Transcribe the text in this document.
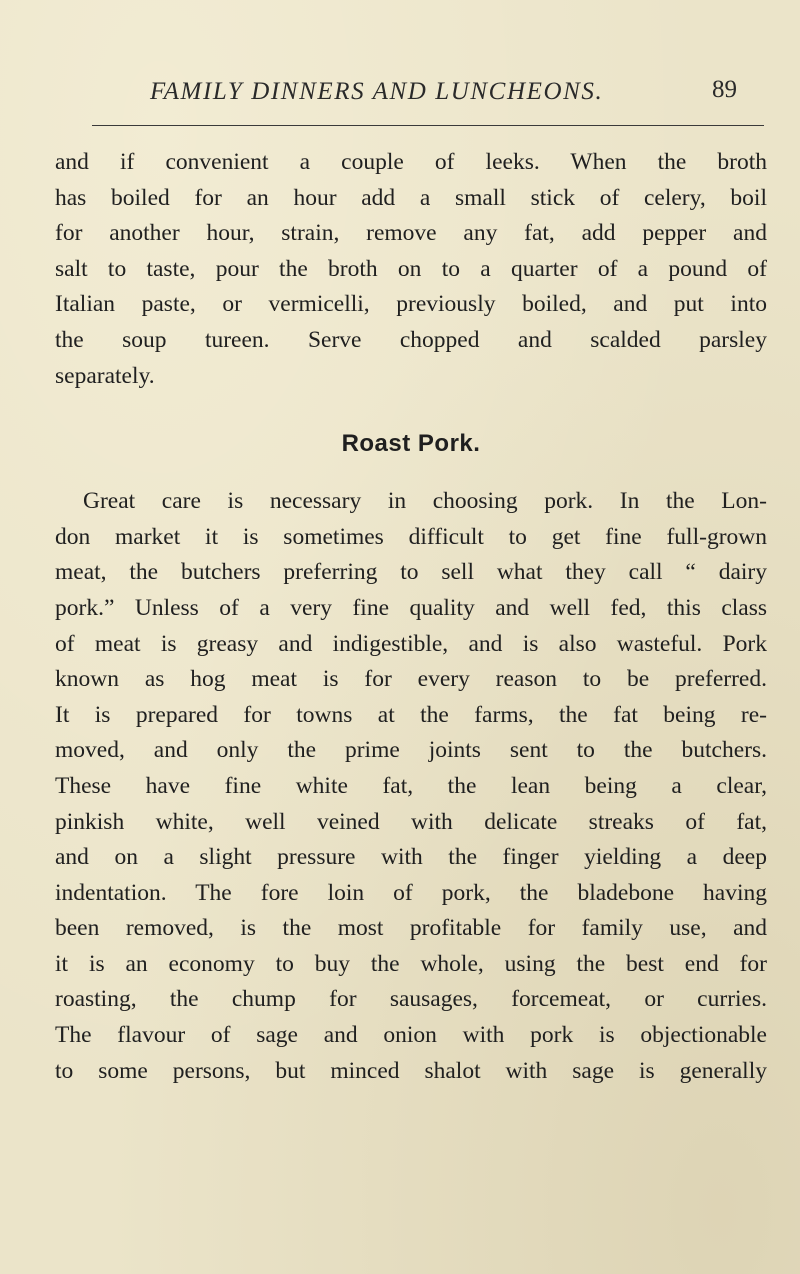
FAMILY DINNERS AND LUNCHEONS.	89
and if convenient a couple of leeks. When the broth
has boiled for an hour add a small stick of celery, boil
for another hour, strain, remove any fat, add pepper and
salt to taste, pour the broth on to a quarter of a pound of
Italian paste, or vermicelli, previously boiled, and put into
the soup tureen. Serve chopped and scalded parsley
separately.
Roast Pork.
Great care is necessary in choosing pork. In the Lon-
don market it is sometimes difficult to get fine full-grown
meat, the butchers preferring to sell what they call “ dairy
pork.” Unless of a very fine quality and well fed, this class
of meat is greasy and indigestible, and is also wasteful. Pork
known as hog meat is for every reason to be preferred.
It is prepared for towns at the farms, the fat being re-
moved, and only the prime joints sent to the butchers.
These have fine white fat, the lean being a clear,
pinkish white, well veined with delicate streaks of fat,
and on a slight pressure with the finger yielding a deep
indentation. The fore loin of pork, the bladebone having
been removed, is the most profitable for family use, and
it is an economy to buy the whole, using the best end for
roasting, the chump for sausages, forcemeat, or curries.
The flavour of sage and onion with pork is objectionable
to some persons, but minced shalot with sage is generally
